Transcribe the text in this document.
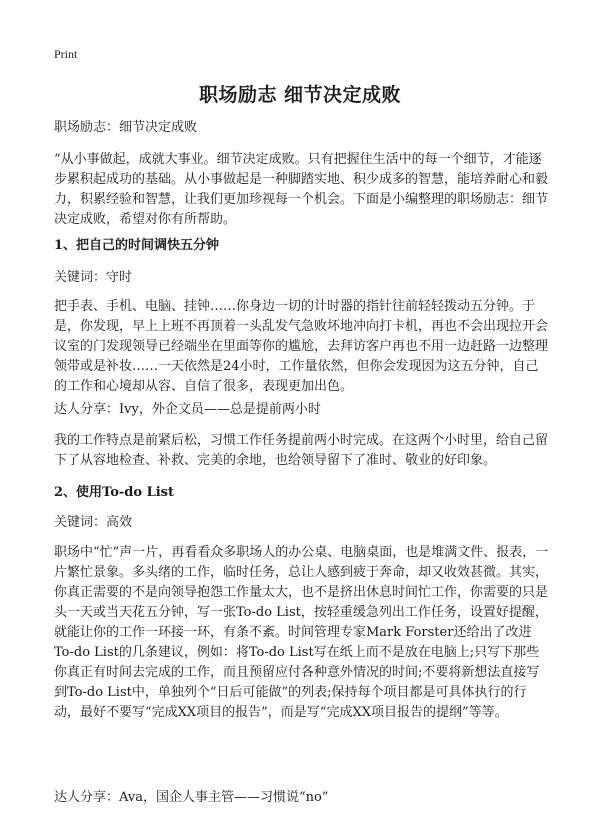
Print
职场励志 细节决定成败
职场励志：细节决定成败
“从小事做起，成就大事业。细节决定成败。只有把握住生活中的每一个细节，才能逐步累积起成功的基础。从小事做起是一种脚踏实地、积少成多的智慧，能培养耐心和毅力，积累经验和智慧，让我们更加珍视每一个机会。下面是小编整理的职场励志：细节决定成败，希望对你有所帮助。
1、把自己的时间调快五分钟
关键词：守时
把手表、手机、电脑、挂钟……你身边一切的计时器的指针往前轻轻拨动五分钟。于是，你发现，早上上班不再顶着一头乱发气急败坏地冲向打卡机，再也不会出现拉开会议室的门发现领导已经端坐在里面等你的尴尬，去拜访客户再也不用一边赶路一边整理领带或是补妆……一天依然是24小时，工作量依然，但你会发现因为这五分钟，自己的工作和心境却从容、自信了很多，表现更加出色。
达人分享：Ivy，外企文员——总是提前两小时
我的工作特点是前紧后松，习惯工作任务提前两小时完成。在这两个小时里，给自己留下了从容地检查、补救、完美的余地，也给领导留下了准时、敬业的好印象。
2、使用To-do List
关键词：高效
职场中“忙”声一片，再看看众多职场人的办公桌、电脑桌面，也是堆满文件、报表，一片繁忙景象。多头绪的工作，临时任务，总让人感到疲于奔命，却又收效甚微。其实，你真正需要的不是向领导抱怨工作量太大，也不是挤出休息时间忙工作，你需要的只是头一天或当天花五分钟，写一张To-do List，按轻重缓急列出工作任务，设置好提醒，就能让你的工作一环接一环，有条不紊。时间管理专家Mark Forster还给出了改进To-do List的几条建议，例如：将To-do List写在纸上而不是放在电脑上;只写下那些你真正有时间去完成的工作，而且预留应付各种意外情况的时间;不要将新想法直接写到To-do List中，单独列个“日后可能做”的列表;保持每个项目都是可具体执行的行动，最好不要写“完成XX项目的报告”，而是写“完成XX项目报告的提纲”等等。
达人分享：Ava，国企人事主管——习惯说“no”
